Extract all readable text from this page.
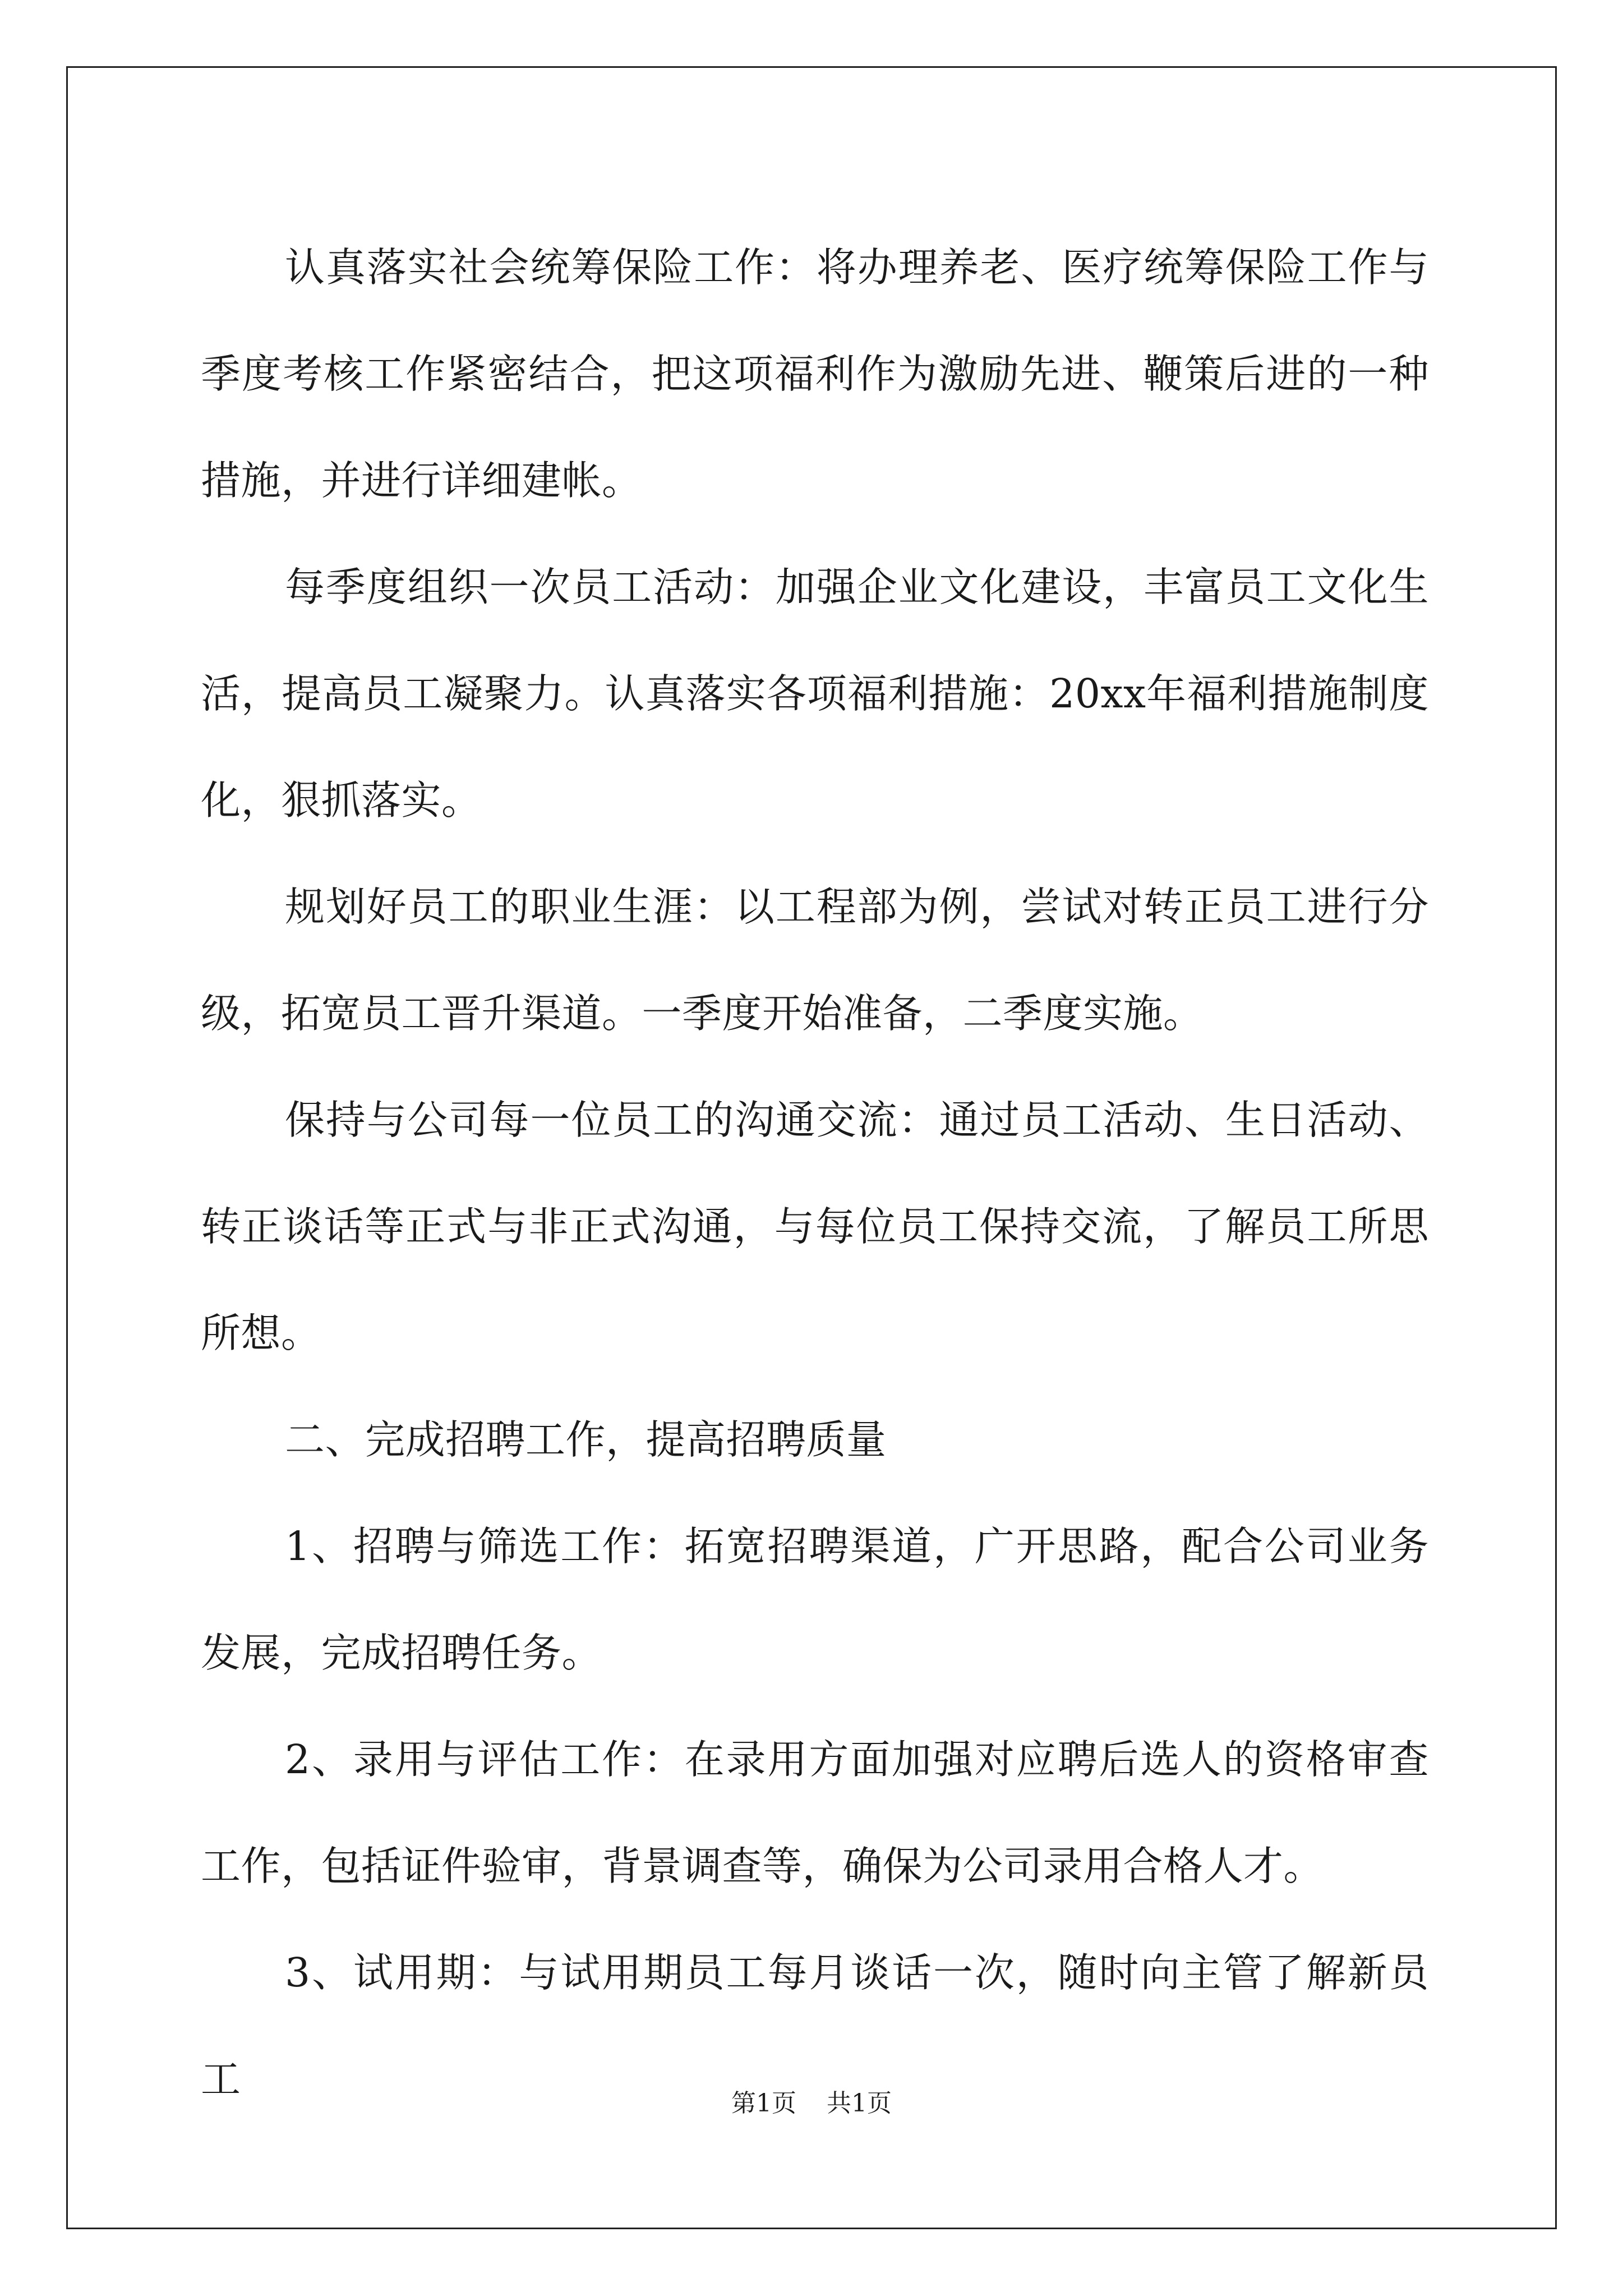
认真落实社会统筹保险工作：将办理养老、医疗统筹保险工作与季度考核工作紧密结合，把这项福利作为激励先进、鞭策后进的一种措施，并进行详细建帐。

每季度组织一次员工活动：加强企业文化建设，丰富员工文化生活，提高员工凝聚力。认真落实各项福利措施：20xx年福利措施制度化，狠抓落实。

规划好员工的职业生涯：以工程部为例，尝试对转正员工进行分级，拓宽员工晋升渠道。一季度开始准备，二季度实施。

保持与公司每一位员工的沟通交流：通过员工活动、生日活动、转正谈话等正式与非正式沟通，与每位员工保持交流，了解员工所思所想。

二、完成招聘工作，提高招聘质量

1、招聘与筛选工作：拓宽招聘渠道，广开思路，配合公司业务发展，完成招聘任务。

2、录用与评估工作：在录用方面加强对应聘后选人的资格审查工作，包括证件验审，背景调查等，确保为公司录用合格人才。

3、试用期：与试用期员工每月谈话一次，随时向主管了解新员工

第1页 共1页
